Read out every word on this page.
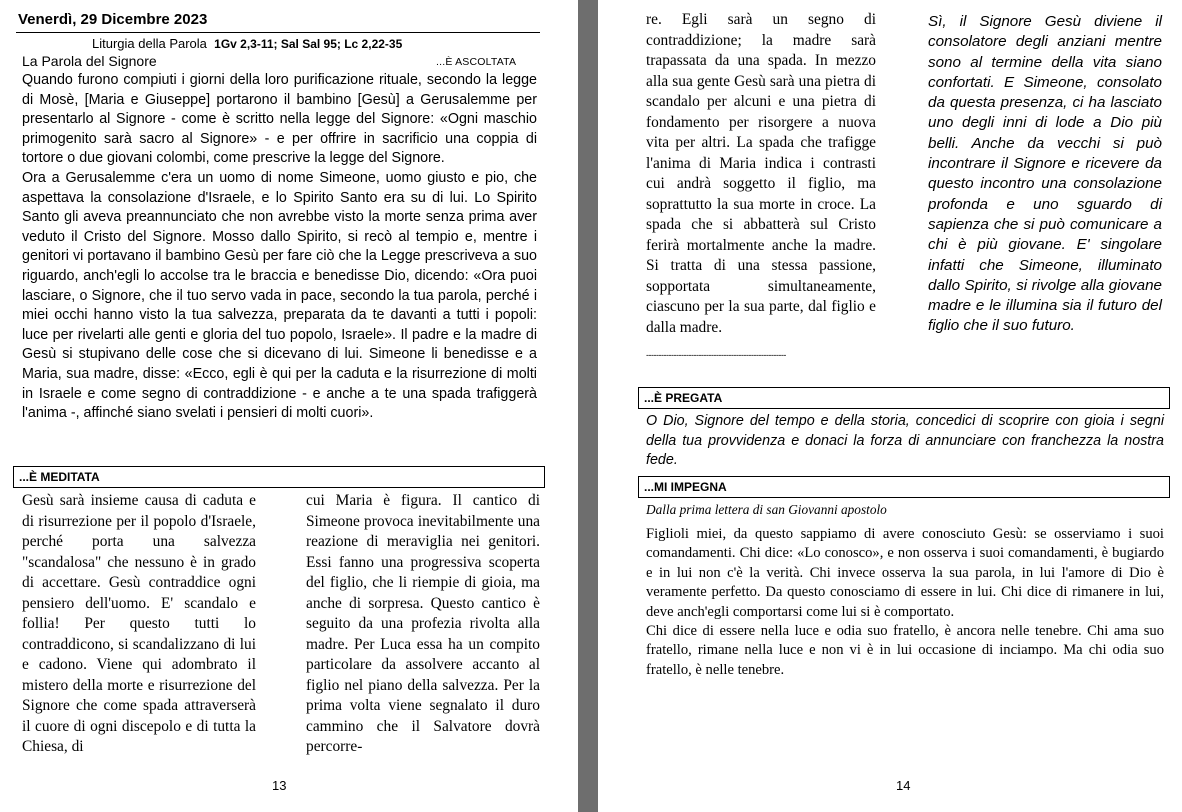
Venerdì, 29 Dicembre 2023
Liturgia della Parola 1Gv 2,3-11; Sal Sal 95; Lc 2,22-35
La Parola del Signore	...È ASCOLTATA
Quando furono compiuti i giorni della loro purificazione rituale, secondo la legge di Mosè, [Maria e Giuseppe] portarono il bambino [Gesù] a Gerusalemme per presentarlo al Signore - come è scritto nella legge del Signore: «Ogni maschio primogenito sarà sacro al Signore» - e per offrire in sacrificio una coppia di tortore o due giovani colombi, come prescrive la legge del Signore.
Ora a Gerusalemme c'era un uomo di nome Simeone, uomo giusto e pio, che aspettava la consolazione d'Israele, e lo Spirito Santo era su di lui. Lo Spirito Santo gli aveva preannunciato che non avrebbe visto la morte senza prima aver veduto il Cristo del Signore. Mosso dallo Spirito, si recò al tempio e, mentre i genitori vi portavano il bambino Gesù per fare ciò che la Legge prescriveva a suo riguardo, anch'egli lo accolse tra le braccia e benedisse Dio, dicendo: «Ora puoi lasciare, o Signore, che il tuo servo vada in pace, secondo la tua parola, perché i miei occhi hanno visto la tua salvezza, preparata da te davanti a tutti i popoli: luce per rivelarti alle genti e gloria del tuo popolo, Israele». Il padre e la madre di Gesù si stupivano delle cose che si dicevano di lui. Simeone li benedisse e a Maria, sua madre, disse: «Ecco, egli è qui per la caduta e la risurrezione di molti in Israele e come segno di contraddizione - e anche a te una spada trafiggerà l'anima -, affinché siano svelati i pensieri di molti cuori».
...È MEDITATA
Gesù sarà insieme causa di caduta e di risurrezione per il popolo d'Israele, perché porta una salvezza "scandalosa" che nessuno è in grado di accettare. Gesù contraddice ogni pensiero dell'uomo. E' scandalo e follia! Per questo tutti lo contraddicono, si scandalizzano di lui e cadono. Viene qui adombrato il mistero della morte e risurrezione del Signore che come spada attraverserà il cuore di ogni discepolo e di tutta la Chiesa, di
cui Maria è figura. Il cantico di Simeone provoca inevitabilmente una reazione di meraviglia nei genitori. Essi fanno una progressiva scoperta del figlio, che li riempie di gioia, ma anche di sorpresa. Questo cantico è seguito da una profezia rivolta alla madre. Per Luca essa ha un compito particolare da assolvere accanto al figlio nel piano della salvezza. Per la prima volta viene segnalato il duro cammino che il Salvatore dovrà percorre-
13
re. Egli sarà un segno di contraddizione; la madre sarà trapassata da una spada. In mezzo alla sua gente Gesù sarà una pietra di scandalo per alcuni e una pietra di fondamento per risorgere a nuova vita per altri. La spada che trafigge l'anima di Maria indica i contrasti cui andrà soggetto il figlio, ma soprattutto la sua morte in croce. La spada che si abbatterà sul Cristo ferirà mortalmente anche la madre. Si tratta di una stessa passione, sopportata simultaneamente, ciascuno per la sua parte, dal figlio e dalla madre.
--------------------------------------------------------
Sì, il Signore Gesù diviene il consolatore degli anziani mentre sono al termine della vita siano confortati. E Simeone, consolato da questa presenza, ci ha lasciato uno degli inni di lode a Dio più belli. Anche da vecchi si può incontrare il Signore e ricevere da questo incontro una consolazione profonda e uno sguardo di sapienza che si può comunicare a chi è più giovane. E' singolare infatti che Simeone, illuminato dallo Spirito, si rivolge alla giovane madre e le illumina sia il futuro del figlio che il suo futuro.
...È PREGATA
O Dio, Signore del tempo e della storia, concedici di scoprire con gioia i segni della tua provvidenza e donaci la forza di annunciare con franchezza la nostra fede.
...MI IMPEGNA
Dalla prima lettera di san Giovanni apostolo
Figlioli miei, da questo sappiamo di avere conosciuto Gesù: se osserviamo i suoi comandamenti. Chi dice: «Lo conosco», e non osserva i suoi comandamenti, è bugiardo e in lui non c'è la verità. Chi invece osserva la sua parola, in lui l'amore di Dio è veramente perfetto. Da questo conosciamo di essere in lui. Chi dice di rimanere in lui, deve anch'egli comportarsi come lui si è comportato.
Chi dice di essere nella luce e odia suo fratello, è ancora nelle tenebre. Chi ama suo fratello, rimane nella luce e non vi è in lui occasione di inciampo. Ma chi odia suo fratello, è nelle tenebre.
14
